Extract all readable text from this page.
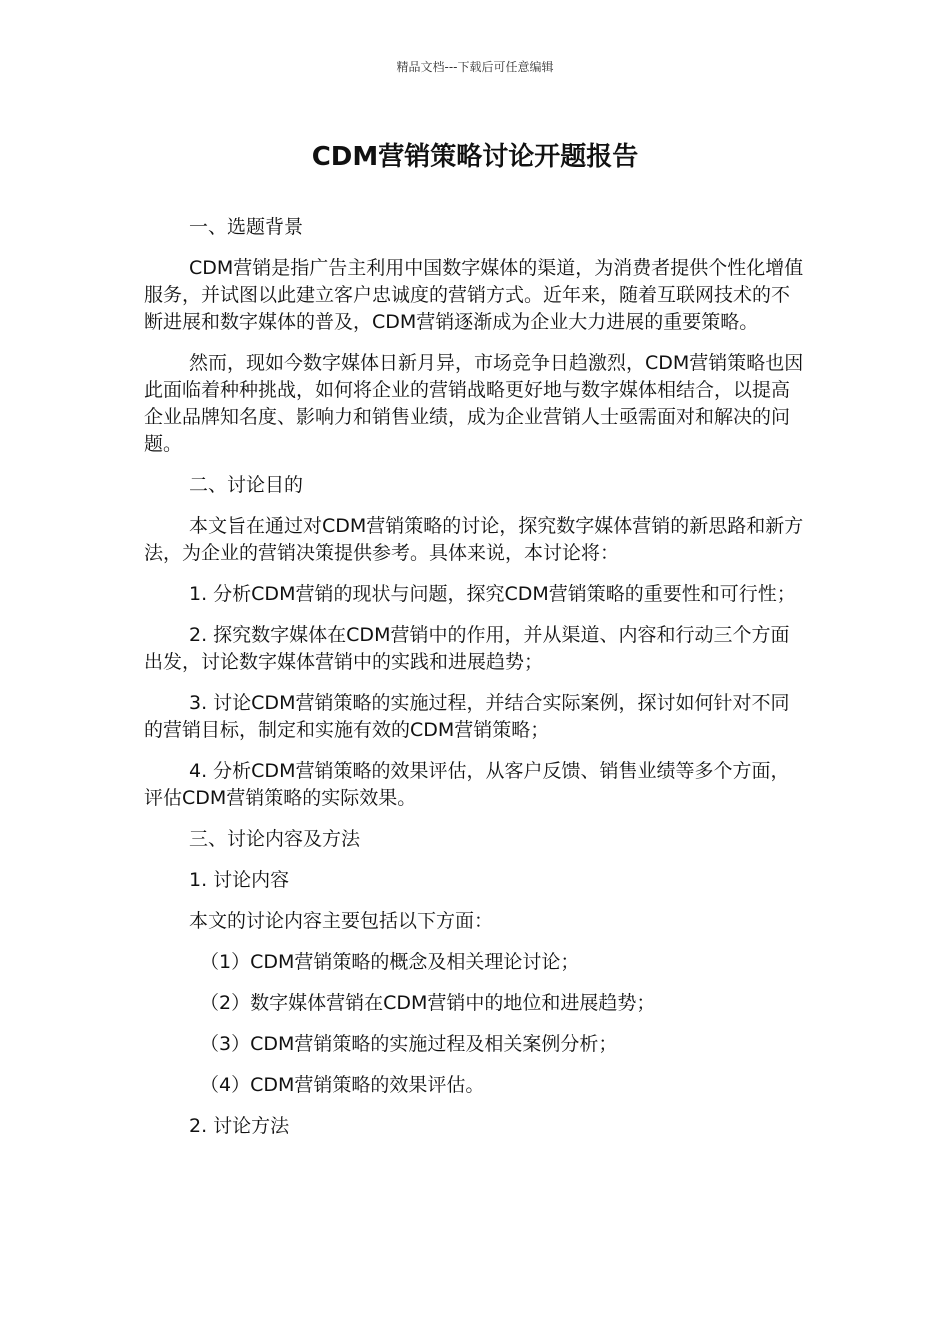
精品文档---下载后可任意编辑
CDM营销策略讨论开题报告

一、选题背景

CDM营销是指广告主利用中国数字媒体的渠道，为消费者提供个性化增值服务，并试图以此建立客户忠诚度的营销方式。近年来，随着互联网技术的不断进展和数字媒体的普及，CDM营销逐渐成为企业大力进展的重要策略。

然而，现如今数字媒体日新月异，市场竞争日趋激烈，CDM营销策略也因此面临着种种挑战，如何将企业的营销战略更好地与数字媒体相结合，以提高企业品牌知名度、影响力和销售业绩，成为企业营销人士亟需面对和解决的问题。

二、讨论目的

本文旨在通过对CDM营销策略的讨论，探究数字媒体营销的新思路和新方法，为企业的营销决策提供参考。具体来说，本讨论将：

1. 分析CDM营销的现状与问题，探究CDM营销策略的重要性和可行性；

2. 探究数字媒体在CDM营销中的作用，并从渠道、内容和行动三个方面出发，讨论数字媒体营销中的实践和进展趋势；

3. 讨论CDM营销策略的实施过程，并结合实际案例，探讨如何针对不同的营销目标，制定和实施有效的CDM营销策略；

4. 分析CDM营销策略的效果评估，从客户反馈、销售业绩等多个方面，评估CDM营销策略的实际效果。

三、讨论内容及方法

1. 讨论内容

本文的讨论内容主要包括以下方面：

（1）CDM营销策略的概念及相关理论讨论；

（2）数字媒体营销在CDM营销中的地位和进展趋势；

（3）CDM营销策略的实施过程及相关案例分析；

（4）CDM营销策略的效果评估。

2. 讨论方法
